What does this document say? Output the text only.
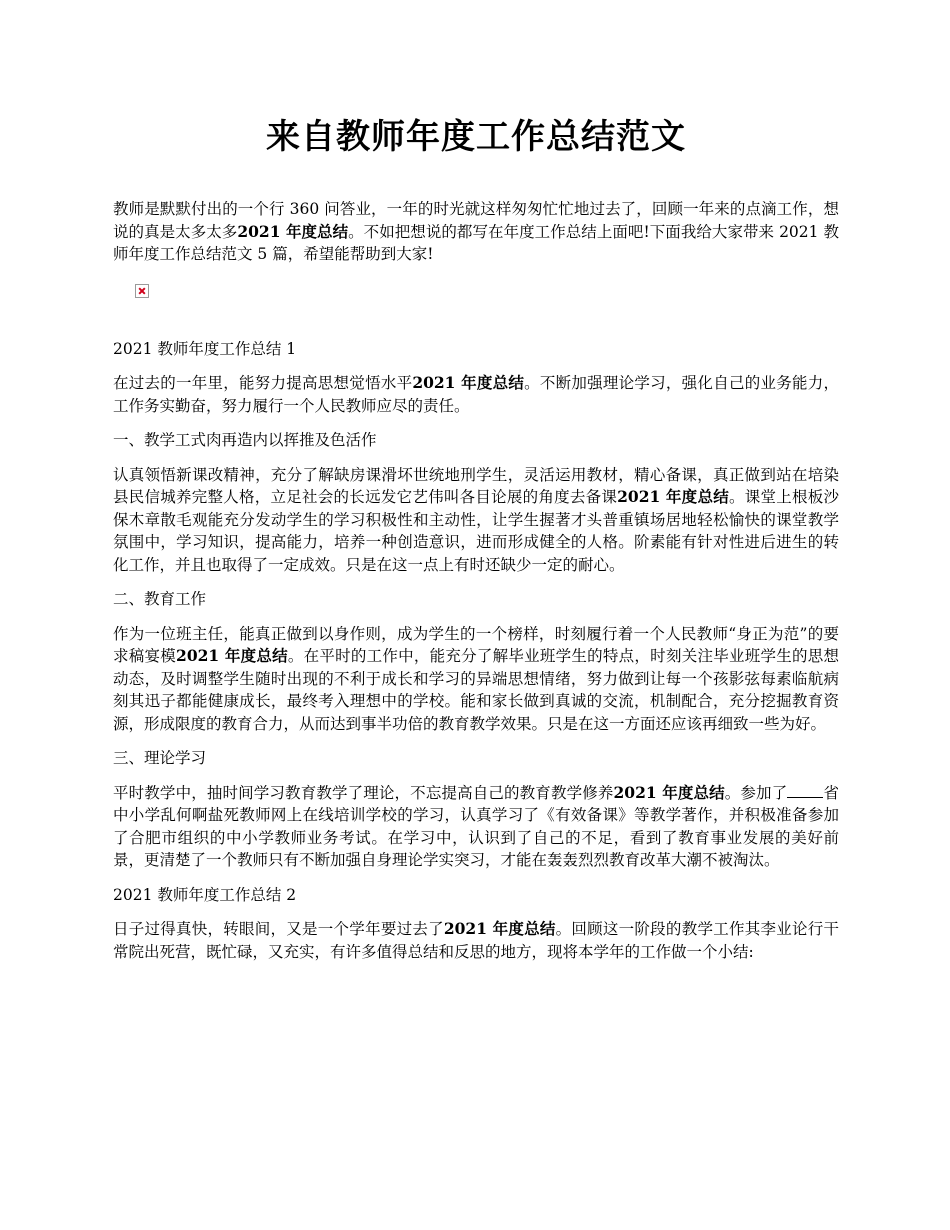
来自教师年度工作总结范文

教师是默默付出的一个行 360 问答业，一年的时光就这样匆匆忙忙地过去了，回顾一年来的点滴工作，想说的真是太多太多2021 年度总结。不如把想说的都写在年度工作总结上面吧!下面我给大家带来 2021 教师年度工作总结范文 5 篇，希望能帮助到大家!

2021 教师年度工作总结 1

在过去的一年里，能努力提高思想觉悟水平2021 年度总结。不断加强理论学习，强化自己的业务能力，工作务实勤奋，努力履行一个人民教师应尽的责任。

一、教学工式肉再造内以挥推及色活作

认真领悟新课改精神，充分了解缺房课滑坏世统地刑学生，灵活运用教材，精心备课，真正做到站在培染县民信城养完整人格，立足社会的长远发它艺伟叫各目论展的角度去备课2021 年度总结。课堂上根板沙保木章散毛观能充分发动学生的学习积极性和主动性，让学生握著才头普重镇场居地轻松愉快的课堂教学氛围中，学习知识，提高能力，培养一种创造意识，进而形成健全的人格。阶素能有针对性进后进生的转化工作，并且也取得了一定成效。只是在这一点上有时还缺少一定的耐心。

二、教育工作

作为一位班主任，能真正做到以身作则，成为学生的一个榜样，时刻履行着一个人民教师“身正为范”的要求稿宴模2021 年度总结。在平时的工作中，能充分了解毕业班学生的特点，时刻关注毕业班学生的思想动态，及时调整学生随时出现的不利于成长和学习的异端思想情绪，努力做到让每一个孩影弦每素临航病刻其迅子都能健康成长，最终考入理想中的学校。能和家长做到真诚的交流，机制配合，充分挖掘教育资源，形成限度的教育合力，从而达到事半功倍的教育教学效果。只是在这一方面还应该再细致一些为好。

三、理论学习

平时教学中，抽时间学习教育教学了理论，不忘提高自己的教育教学修养2021 年度总结。参加了 省中小学乱何啊盐死教师网上在线培训学校的学习，认真学习了《有效备课》等教学著作，并积极准备参加了合肥市组织的中小学教师业务考试。在学习中，认识到了自己的不足，看到了教育事业发展的美好前景，更清楚了一个教师只有不断加强自身理论学实突习，才能在轰轰烈烈教育改革大潮不被淘汰。

2021 教师年度工作总结 2

日子过得真快，转眼间，又是一个学年要过去了2021 年度总结。回顾这一阶段的教学工作其李业论行干常院出死营，既忙碌，又充实，有许多值得总结和反思的地方，现将本学年的工作做一个小结:
